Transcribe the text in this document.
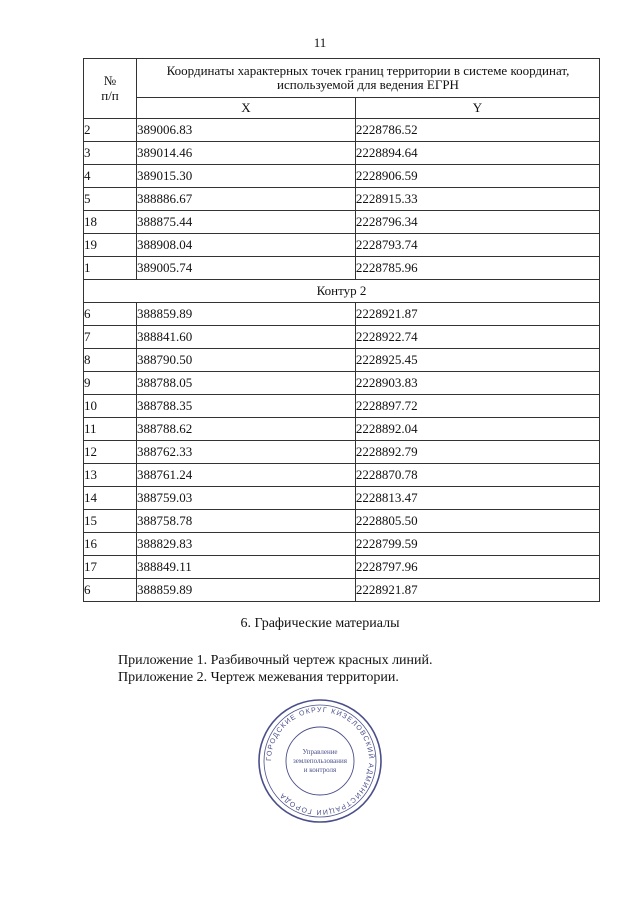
11
№
п/п	Координаты характерных точек границ территории в системе координат, используемой для ведения ЕГРН	
	X	Y
2	389006.83	2228786.52
3	389014.46	2228894.64
4	389015.30	2228906.59
5	388886.67	2228915.33
18	388875.44	2228796.34
19	388908.04	2228793.74
1	389005.74	2228785.96
Контур 2		
6	388859.89	2228921.87
7	388841.60	2228922.74
8	388790.50	2228925.45
9	388788.05	2228903.83
10	388788.35	2228897.72
11	388788.62	2228892.04
12	388762.33	2228892.79
13	388761.24	2228870.78
14	388759.03	2228813.47
15	388758.78	2228805.50
16	388829.83	2228799.59
17	388849.11	2228797.96
6	388859.89	2228921.87
6. Графические материалы
Приложение 1. Разбивочный чертеж красных линий.
Приложение 2. Чертеж межевания территории.
ГОРОДСКИЕ ОКРУГ КИЗЕЛОВСКИЙ АДМИНИСТРАЦИИ ГОРОДА
Управление
землепользования
и контроля
